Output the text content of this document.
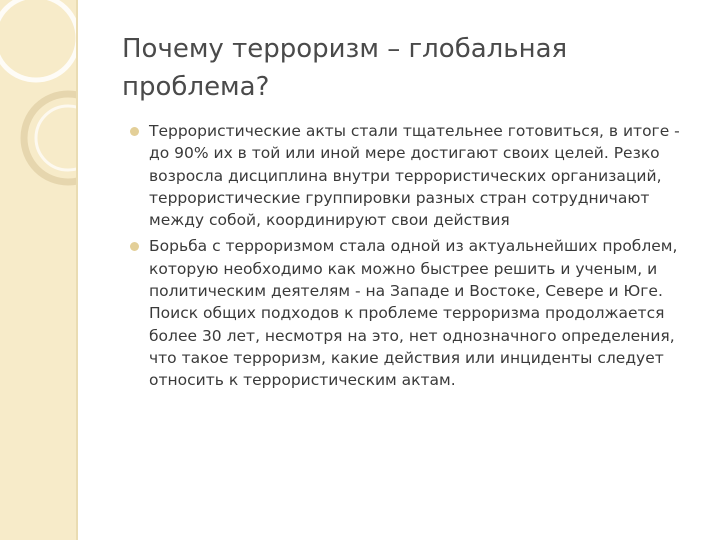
Почему терроризм – глобальная проблема?
Террористические акты стали тщательнее готовиться, в итоге - до 90% их в той или иной мере достигают своих целей. Резко возросла дисциплина внутри террористических организаций, террористические группировки разных стран сотрудничают между собой, координируют свои действия
Борьба с терроризмом стала одной из актуальнейших проблем, которую необходимо как можно быстрее решить и ученым, и политическим деятелям - на Западе и Востоке, Севере и Юге. Поиск общих подходов к проблеме терроризма продолжается более 30 лет, несмотря на это, нет однозначного определения, что такое терроризм, какие действия или инциденты следует относить к террористическим актам.
